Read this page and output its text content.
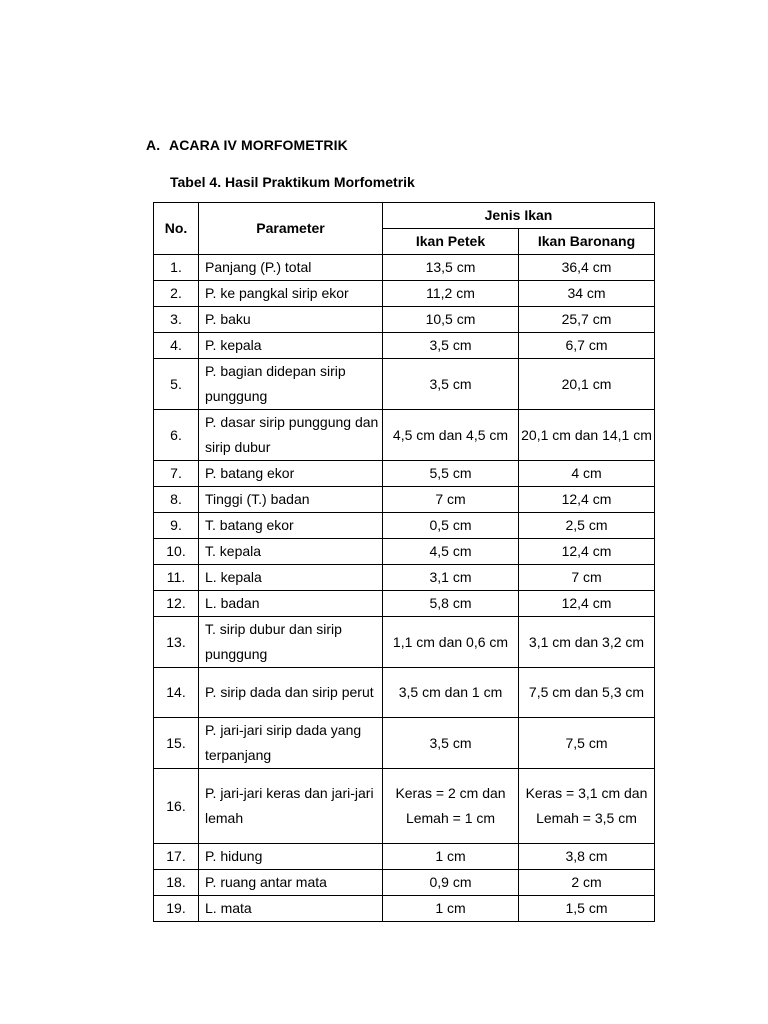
A. ACARA IV MORFOMETRIK
Tabel 4. Hasil Praktikum Morfometrik
No.	Parameter	Jenis Ikan	
		Ikan Petek	Ikan Baronang
1.	Panjang (P.) total	13,5 cm	36,4 cm
2.	P. ke pangkal sirip ekor	11,2 cm	34 cm
3.	P. baku	10,5 cm	25,7 cm
4.	P. kepala	3,5 cm	6,7 cm
5.	P. bagian didepan sirip punggung	3,5 cm	20,1 cm
6.	P. dasar sirip punggung dan sirip dubur	4,5 cm dan 4,5 cm	20,1 cm dan 14,1 cm
7.	P. batang ekor	5,5 cm	4 cm
8.	Tinggi (T.) badan	7 cm	12,4 cm
9.	T. batang ekor	0,5 cm	2,5 cm
10.	T. kepala	4,5 cm	12,4 cm
11.	L. kepala	3,1 cm	7 cm
12.	L. badan	5,8 cm	12,4 cm
13.	T. sirip dubur dan sirip punggung	1,1 cm dan 0,6 cm	3,1 cm dan 3,2 cm
14.	P. sirip dada dan sirip perut	3,5 cm dan 1 cm	7,5 cm dan 5,3 cm
15.	P. jari-jari sirip dada yang terpanjang	3,5 cm	7,5 cm
16.	P. jari-jari keras dan jari-jari lemah	Keras = 2 cm dan Lemah = 1 cm	Keras = 3,1 cm dan Lemah = 3,5 cm
17.	P. hidung	1 cm	3,8 cm
18.	P. ruang antar mata	0,9 cm	2 cm
19.	L. mata	1 cm	1,5 cm
